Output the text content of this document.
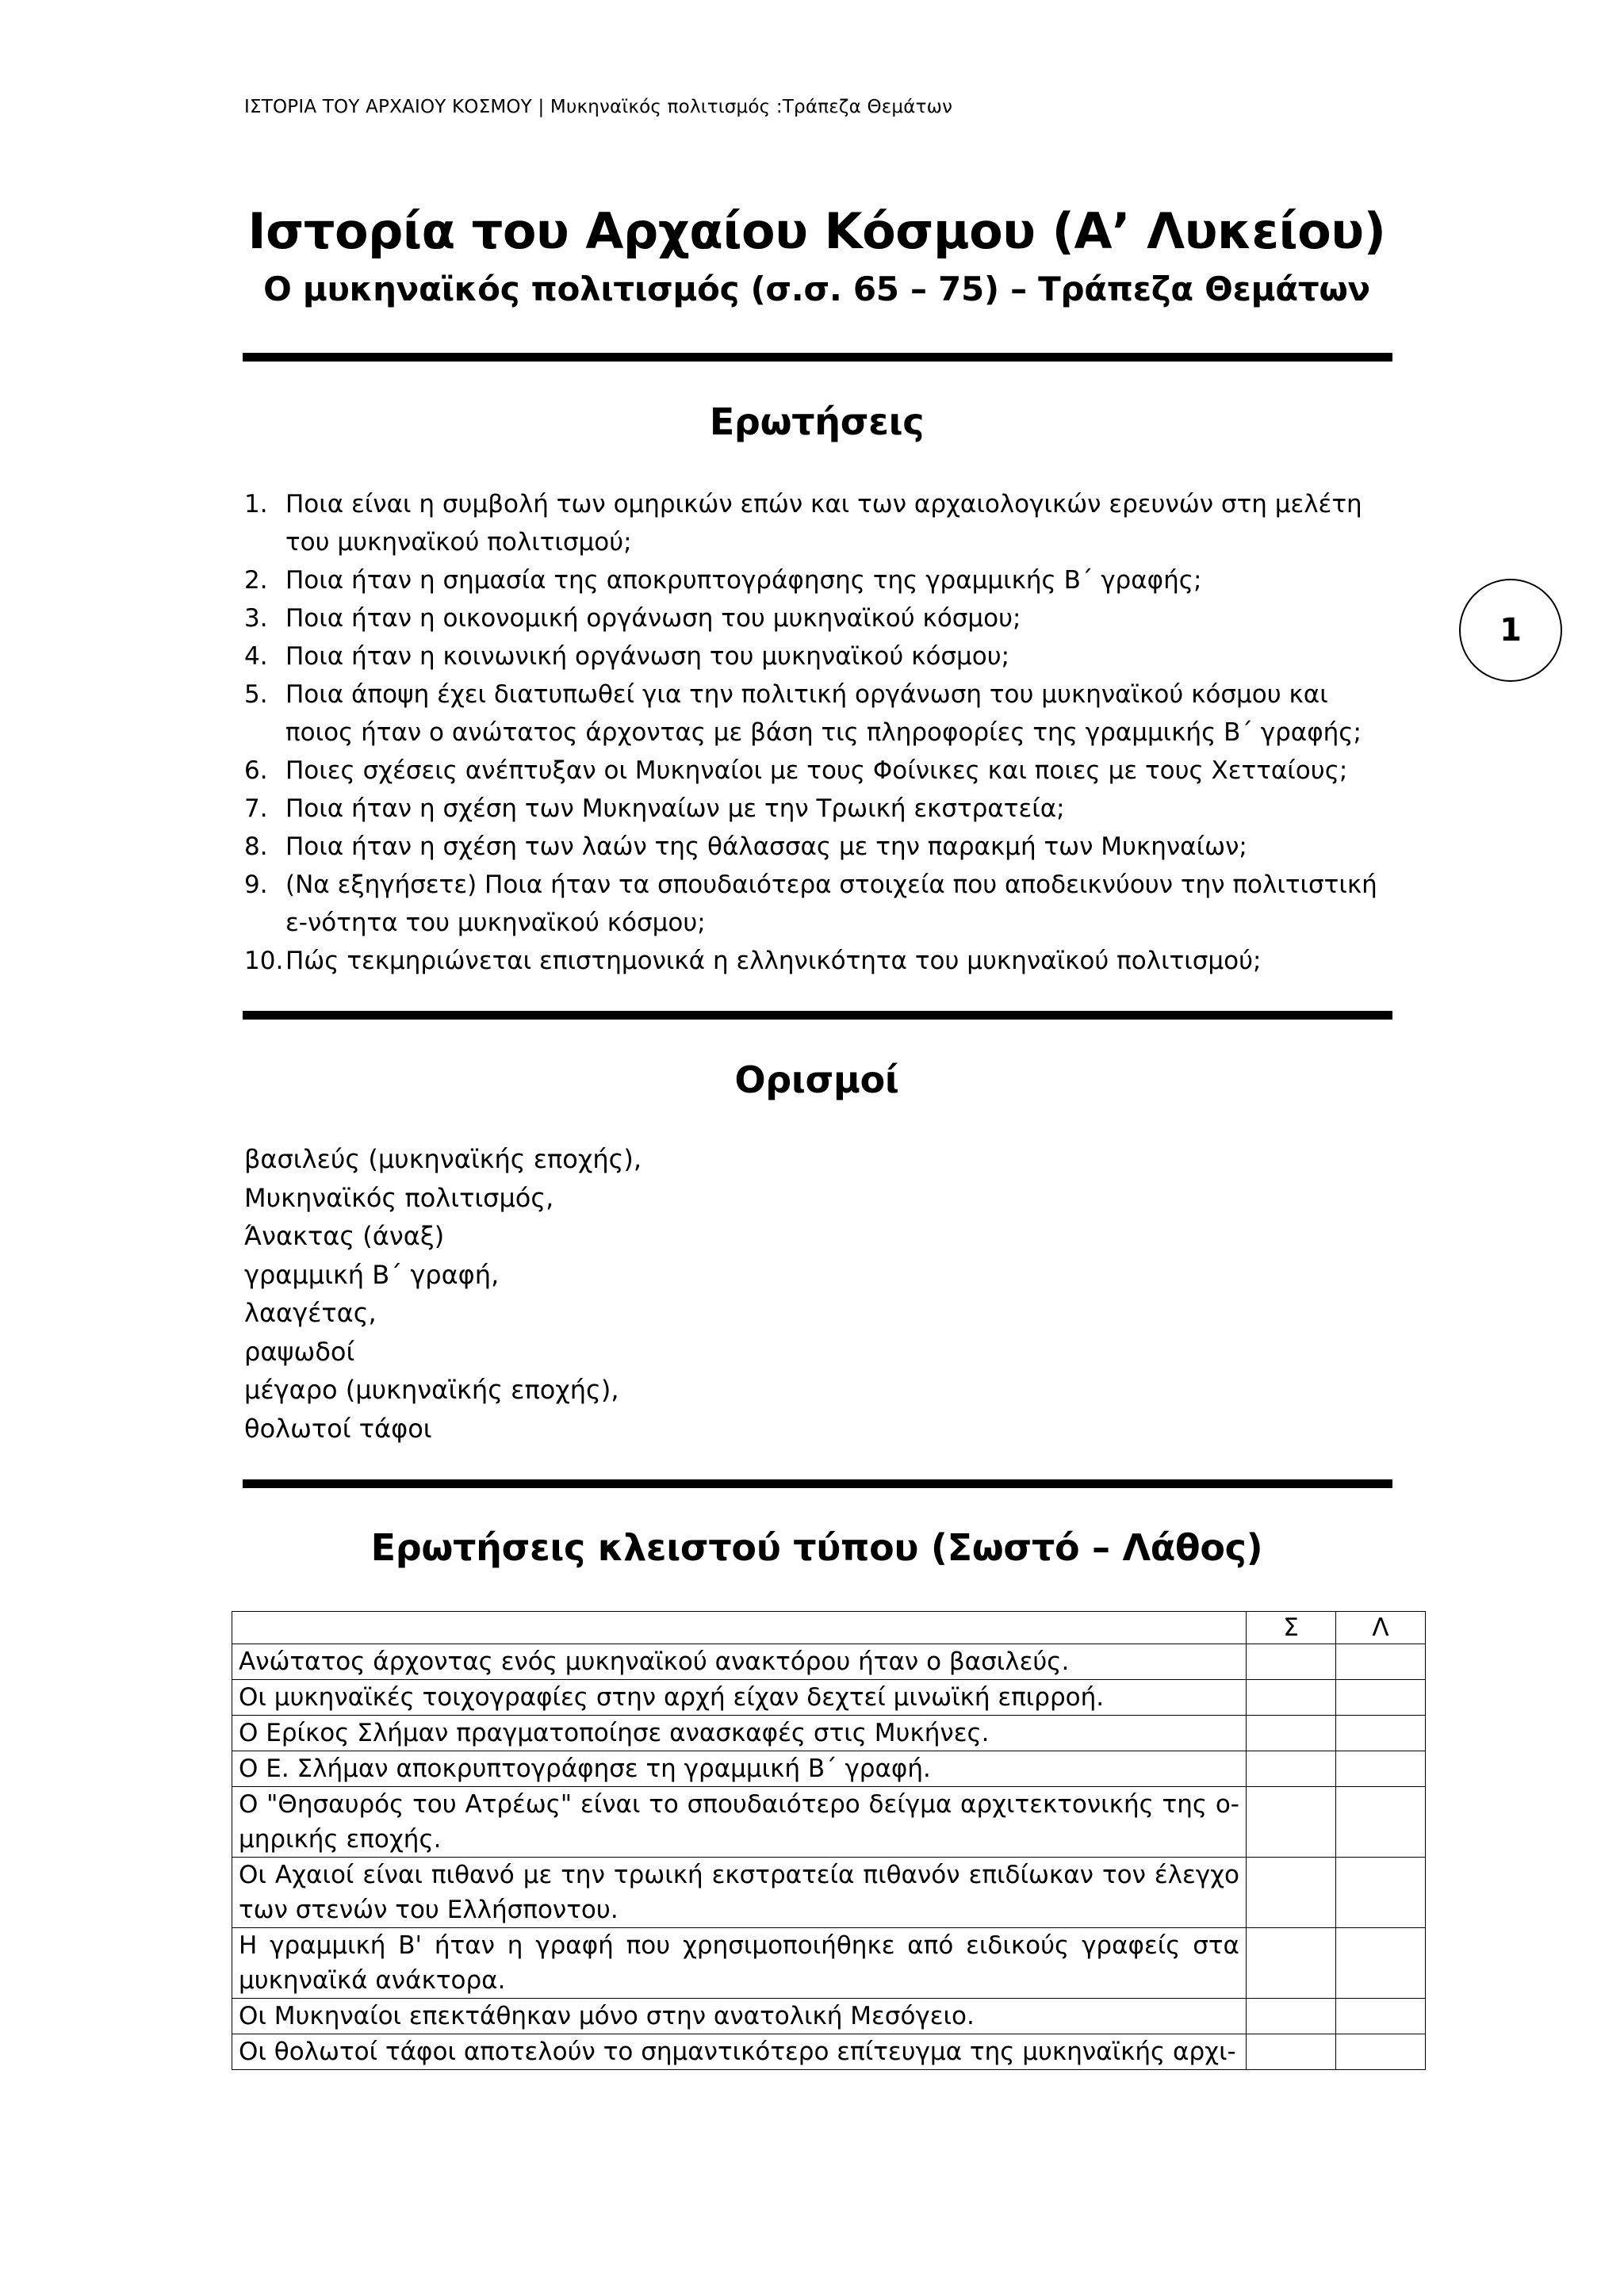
ΙΣΤΟΡΙΑ ΤΟΥ ΑΡΧΑΙΟΥ ΚΟΣΜΟΥ | Μυκηναϊκός πολιτισμός :Τράπεζα Θεμάτων
Ιστορία του Αρχαίου Κόσμου (Α’ Λυκείου)
Ο μυκηναϊκός πολιτισμός (σ.σ. 65 – 75) – Τράπεζα Θεμάτων
Ερωτήσεις
1. Ποια είναι η συμβολή των ομηρικών επών και των αρχαιολογικών ερευνών στη μελέτη του μυκηναϊκού πολιτισμού;
2. Ποια ήταν η σημασία της αποκρυπτογράφησης της γραμμικής Β΄ γραφής;
3. Ποια ήταν η οικονομική οργάνωση του μυκηναϊκού κόσμου;
4. Ποια ήταν η κοινωνική οργάνωση του μυκηναϊκού κόσμου;
5. Ποια άποψη έχει διατυπωθεί για την πολιτική οργάνωση του μυκηναϊκού κόσμου και ποιος ήταν ο ανώτατος άρχοντας με βάση τις πληροφορίες της γραμμικής Β΄ γραφής;
6. Ποιες σχέσεις ανέπτυξαν οι Μυκηναίοι με τους Φοίνικες και ποιες με τους Χετταίους;
7. Ποια ήταν η σχέση των Μυκηναίων με την Τρωική εκστρατεία;
8. Ποια ήταν η σχέση των λαών της θάλασσας με την παρακμή των Μυκηναίων;
9. (Να εξηγήσετε) Ποια ήταν τα σπουδαιότερα στοιχεία που αποδεικνύουν την πολιτιστική ε-νότητα του μυκηναϊκού κόσμου;
10. Πώς τεκμηριώνεται επιστημονικά η ελληνικότητα του μυκηναϊκού πολιτισμού;
1
Ορισμοί
βασιλεύς (μυκηναϊκής εποχής),
Μυκηναϊκός πολιτισμός,
Άνακτας (άναξ)
γραμμική Β΄ γραφή,
λααγέτας,
ραψωδοί
μέγαρο (μυκηναϊκής εποχής),
θολωτοί τάφοι
Ερωτήσεις κλειστού τύπου (Σωστό – Λάθος)
	Σ	Λ
Ανώτατος άρχοντας ενός μυκηναϊκού ανακτόρου ήταν ο βασιλεύς.		
Οι μυκηναϊκές τοιχογραφίες στην αρχή είχαν δεχτεί μινωϊκή επιρροή.		
Ο Ερίκος Σλήμαν πραγματοποίησε ανασκαφές στις Μυκήνες.		
Ο Ε. Σλήμαν αποκρυπτογράφησε τη γραμμική Β΄ γραφή.		
Ο "Θησαυρός του Ατρέως" είναι το σπουδαιότερο δείγμα αρχιτεκτονικής της ο-μηρικής εποχής.		
Οι Αχαιοί είναι πιθανό με την τρωική εκστρατεία πιθανόν επιδίωκαν τον έλεγχο των στενών του Ελλήσποντου.		
Η γραμμική Β' ήταν η γραφή που χρησιμοποιήθηκε από ειδικούς γραφείς στα μυκηναϊκά ανάκτορα.		
Οι Μυκηναίοι επεκτάθηκαν μόνο στην ανατολική Μεσόγειο.		
Οι θολωτοί τάφοι αποτελούν το σημαντικότερο επίτευγμα της μυκηναϊκής αρχι-		
